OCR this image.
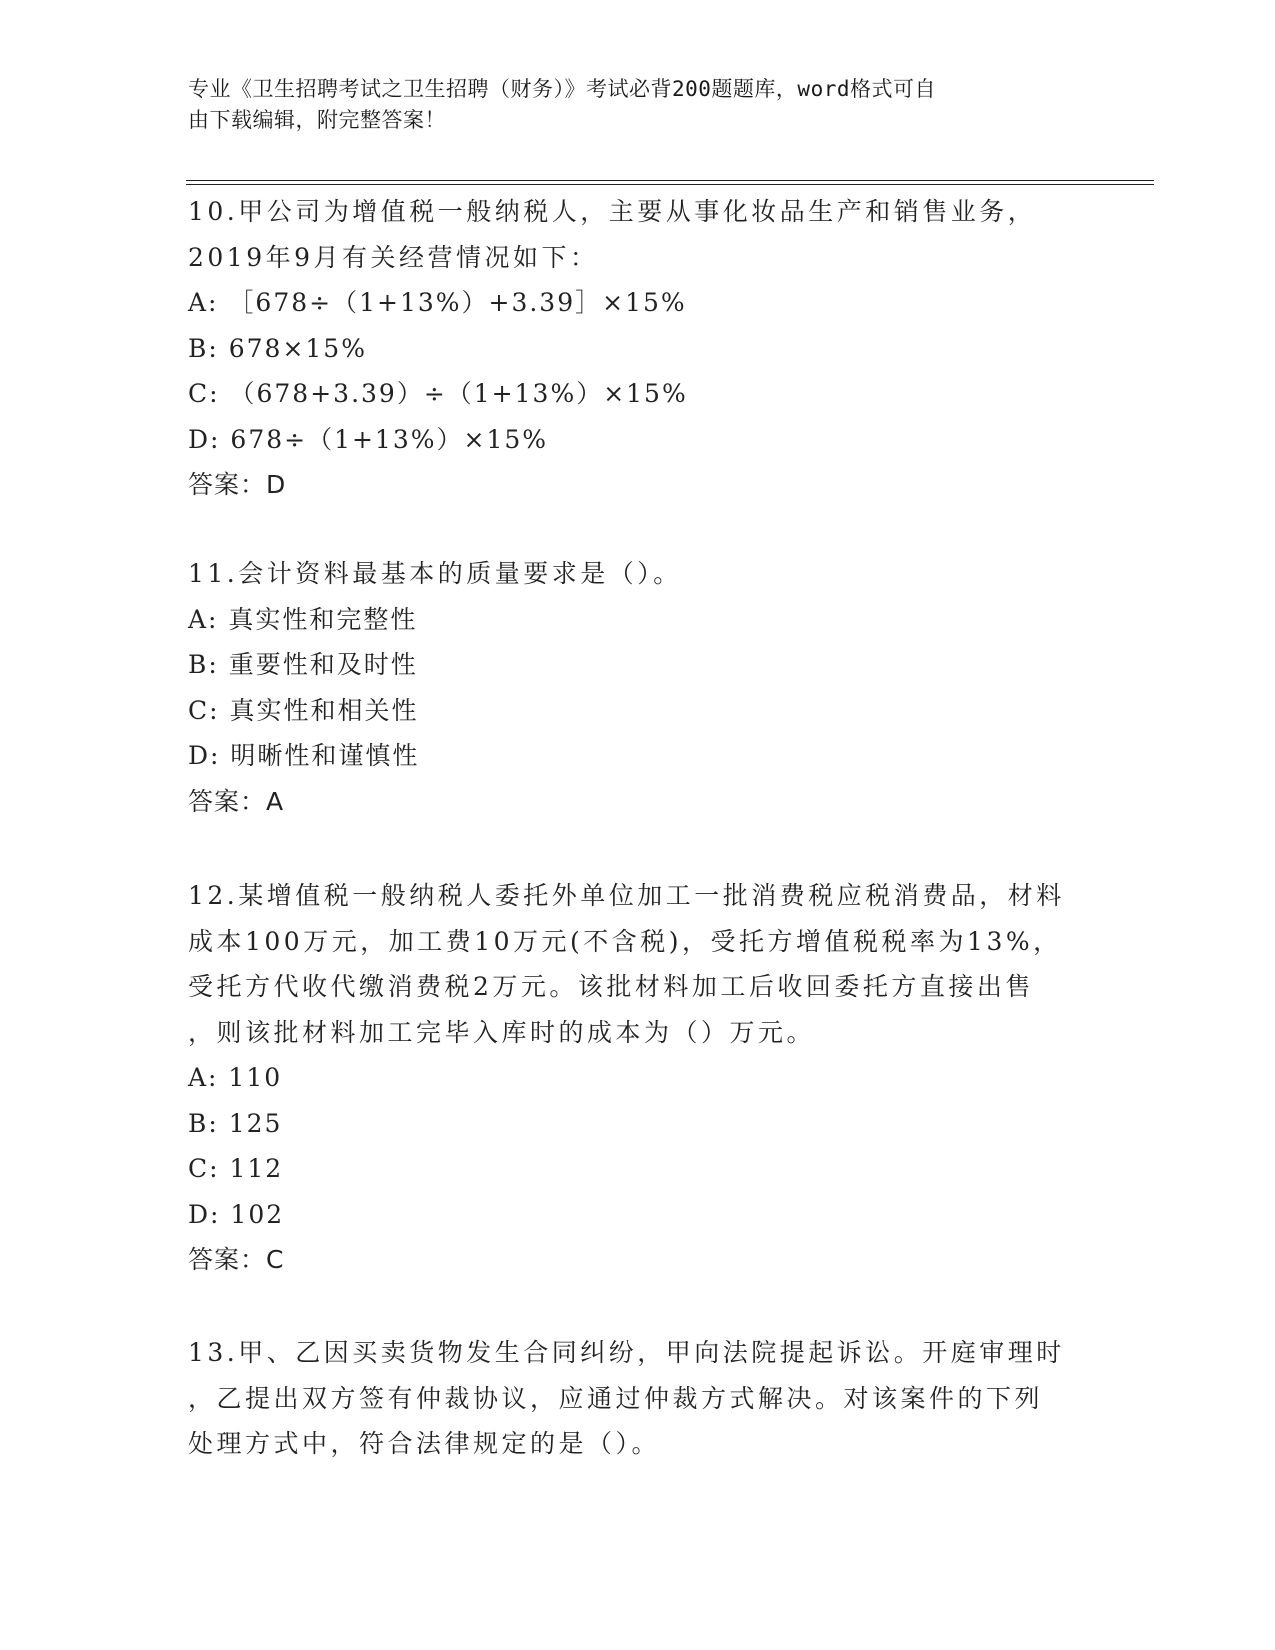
专业《卫生招聘考试之卫生招聘（财务）》考试必背200题题库，word格式可自
由下载编辑，附完整答案！

10.甲公司为增值税一般纳税人，主要从事化妆品生产和销售业务，

2019年9月有关经营情况如下：

A: ［678÷（1+13%）+3.39］×15%

B: 678×15%

C: （678+3.39）÷（1+13%）×15%

D: 678÷（1+13%）×15%

答案：D

11.会计资料最基本的质量要求是（）。

A: 真实性和完整性

B: 重要性和及时性

C: 真实性和相关性

D: 明晰性和谨慎性

答案：A

12.某增值税一般纳税人委托外单位加工一批消费税应税消费品，材料

成本100万元，加工费10万元(不含税)，受托方增值税税率为13%，

受托方代收代缴消费税2万元。该批材料加工后收回委托方直接出售

，则该批材料加工完毕入库时的成本为（）万元。

A: 110

B: 125

C: 112

D: 102

答案：C

13.甲、乙因买卖货物发生合同纠纷，甲向法院提起诉讼。开庭审理时

，乙提出双方签有仲裁协议，应通过仲裁方式解决。对该案件的下列

处理方式中，符合法律规定的是（）。
